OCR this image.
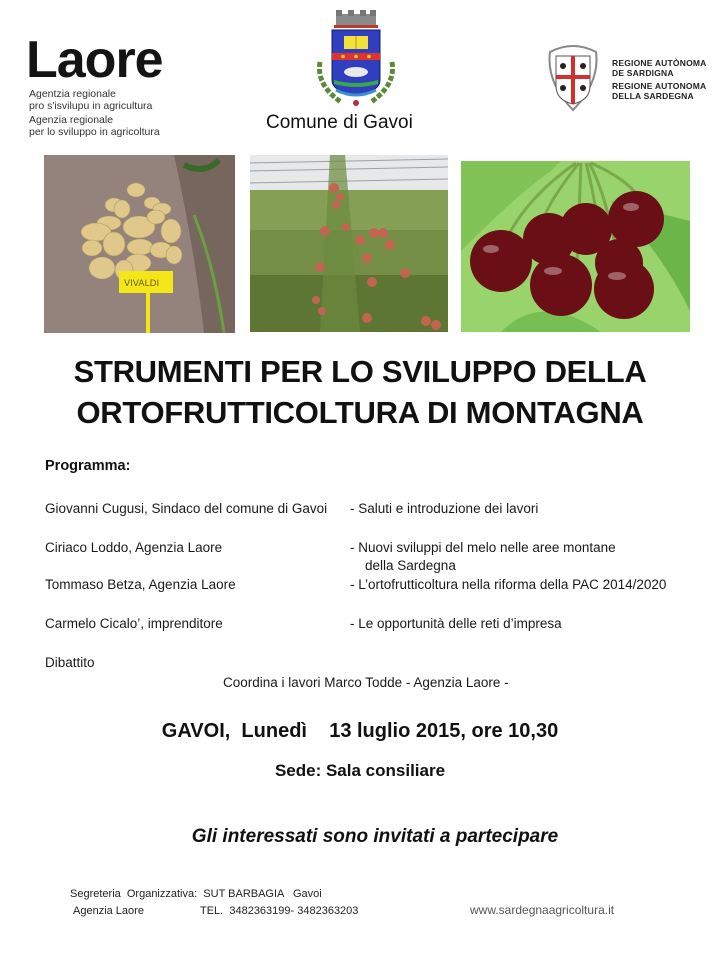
Laore
Agentzia regionale
pro s'isvilupu in agricultura
Agenzia regionale
per lo sviluppo in agricoltura	Comune di Gavoi
REGIONE AUTÒNOMA
DE SARDIGNA
REGIONE AUTONOMA
DELLA SARDEGNA
VIVALDI
STRUMENTI PER LO SVILUPPO DELLA
ORTOFRUTTICOLTURA DI MONTAGNA
Programma:
Giovanni Cugusi, Sindaco del comune di Gavoi - Saluti e introduzione dei lavori
Ciriaco Loddo, Agenzia Laore	- Nuovi sviluppi del melo nelle aree montane
della Sardegna
Tommaso Betza, Agenzia Laore	- L’ortofrutticoltura nella riforma della PAC 2014/2020
Carmelo Cicalo’, imprenditore	- Le opportunità delle reti d’impresa
Dibattito
Coordina i lavori Marco Todde - Agenzia Laore -
GAVOI,  Lunedì    13 luglio 2015, ore 10,30
Sede: Sala consiliare
Gli interessati sono invitati a partecipare
Segreteria  Organizzativa:  SUT BARBAGIA   Gavoi
Agenzia Laore	TEL.  3482363199- 3482363203	www.sardegnaagricoltura.it
